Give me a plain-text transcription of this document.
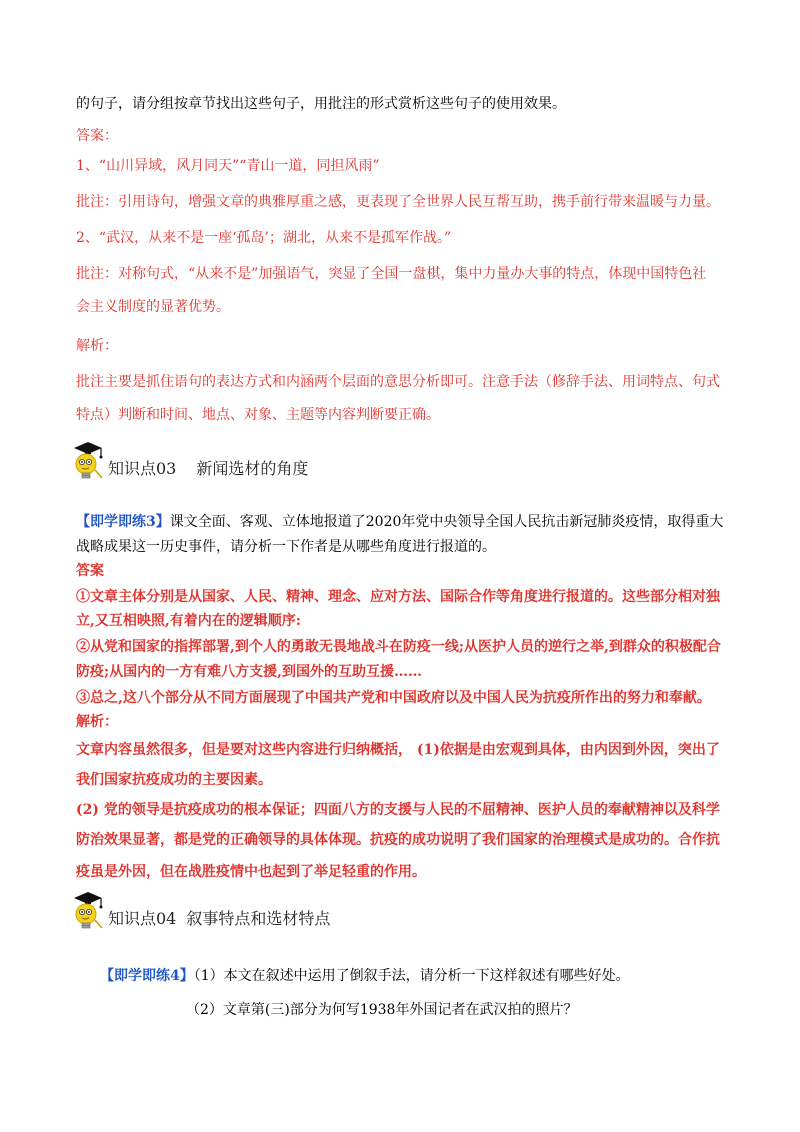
的句子，请分组按章节找出这些句子，用批注的形式赏析这些句子的使用效果。
答案：
1、“山川异域，风月同天”“青山一道，同担风雨”
批注：引用诗句，增强文章的典雅厚重之感，更表现了全世界人民互帮互助，携手前行带来温暖与力量。
2、“武汉，从来不是一座‘孤岛’；湖北，从来不是孤军作战。”
批注：对称句式，“从来不是”加强语气，突显了全国一盘棋，集中力量办大事的特点，体现中国特色社
会主义制度的显著优势。
解析：
批注主要是抓住语句的表达方式和内涵两个层面的意思分析即可。注意手法（修辞手法、用词特点、句式
特点）判断和时间、地点、对象、主题等内容判断要正确。
知识点03 新闻选材的角度
【即学即练3】课文全面、客观、立体地报道了2020年党中央领导全国人民抗击新冠肺炎疫情，取得重大
战略成果这一历史事件，请分析一下作者是从哪些角度进行报道的。
答案
①文章主体分别是从国家、人民、精神、理念、应对方法、国际合作等角度进行报道的。这些部分相对独
立,又互相映照,有着内在的逻辑顺序:
②从党和国家的指挥部署,到个人的勇敢无畏地战斗在防疫一线;从医护人员的逆行之举,到群众的积极配合
防疫;从国内的一方有难八方支援,到国外的互助互援……
③总之,这八个部分从不同方面展现了中国共产党和中国政府以及中国人民为抗疫所作出的努力和奉献。
解析：
文章内容虽然很多，但是要对这些内容进行归纳概括， (1)依据是由宏观到具体，由内因到外因，突出了
我们国家抗疫成功的主要因素。
(2) 党的领导是抗疫成功的根本保证；四面八方的支援与人民的不屈精神、医护人员的奉献精神以及科学
防治效果显著，都是党的正确领导的具体体现。抗疫的成功说明了我们国家的治理模式是成功的。合作抗
疫虽是外因，但在战胜疫情中也起到了举足轻重的作用。
知识点04 叙事特点和选材特点
【即学即练4】（1）本文在叙述中运用了倒叙手法，请分析一下这样叙述有哪些好处。
（2）文章第(三)部分为何写1938年外国记者在武汉拍的照片？
